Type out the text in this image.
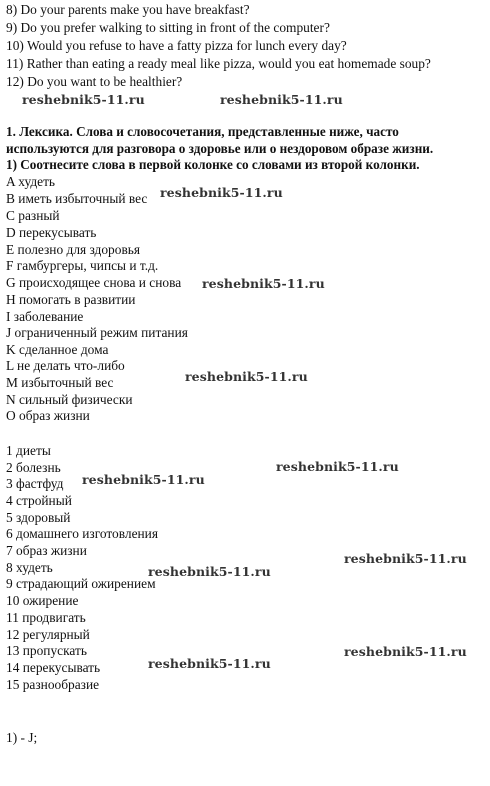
8) Do your parents make you have breakfast?
9) Do you prefer walking to sitting in front of the computer?
10) Would you refuse to have a fatty pizza for lunch every day?
11) Rather than eating a ready meal like pizza, would you eat homemade soup?
12) Do you want to be healthier?
reshebnik5-11.ru	reshebnik5-11.ru
1. Лексика. Слова и словосочетания, представленные ниже, часто
используются для разговора о здоровье или о нездоровом образе жизни.
1) Соотнесите слова в первой колонке со словами из второй колонки.
A худеть
B иметь избыточный вес
C разный
D перекусывать
E полезно для здоровья
F гамбургеры, чипсы и т.д.
G происходящее снова и снова
H помогать в развитии
I заболевание
J ограниченный режим питания
K сделанное дома
L не делать что-либо
M избыточный вес
N сильный физически
O образ жизни
reshebnik5-11.ru
reshebnik5-11.ru
reshebnik5-11.ru
1 диеты
2 болезнь
3 фастфуд
4 стройный
5 здоровый
6 домашнего изготовления
7 образ жизни
8 худеть
9 страдающий ожирением
10 ожирение
11 продвигать
12 регулярный
13 пропускать
14 перекусывать
15 разнообразие
reshebnik5-11.ru
reshebnik5-11.ru
reshebnik5-11.ru
reshebnik5-11.ru
reshebnik5-11.ru
reshebnik5-11.ru
1) - J;
